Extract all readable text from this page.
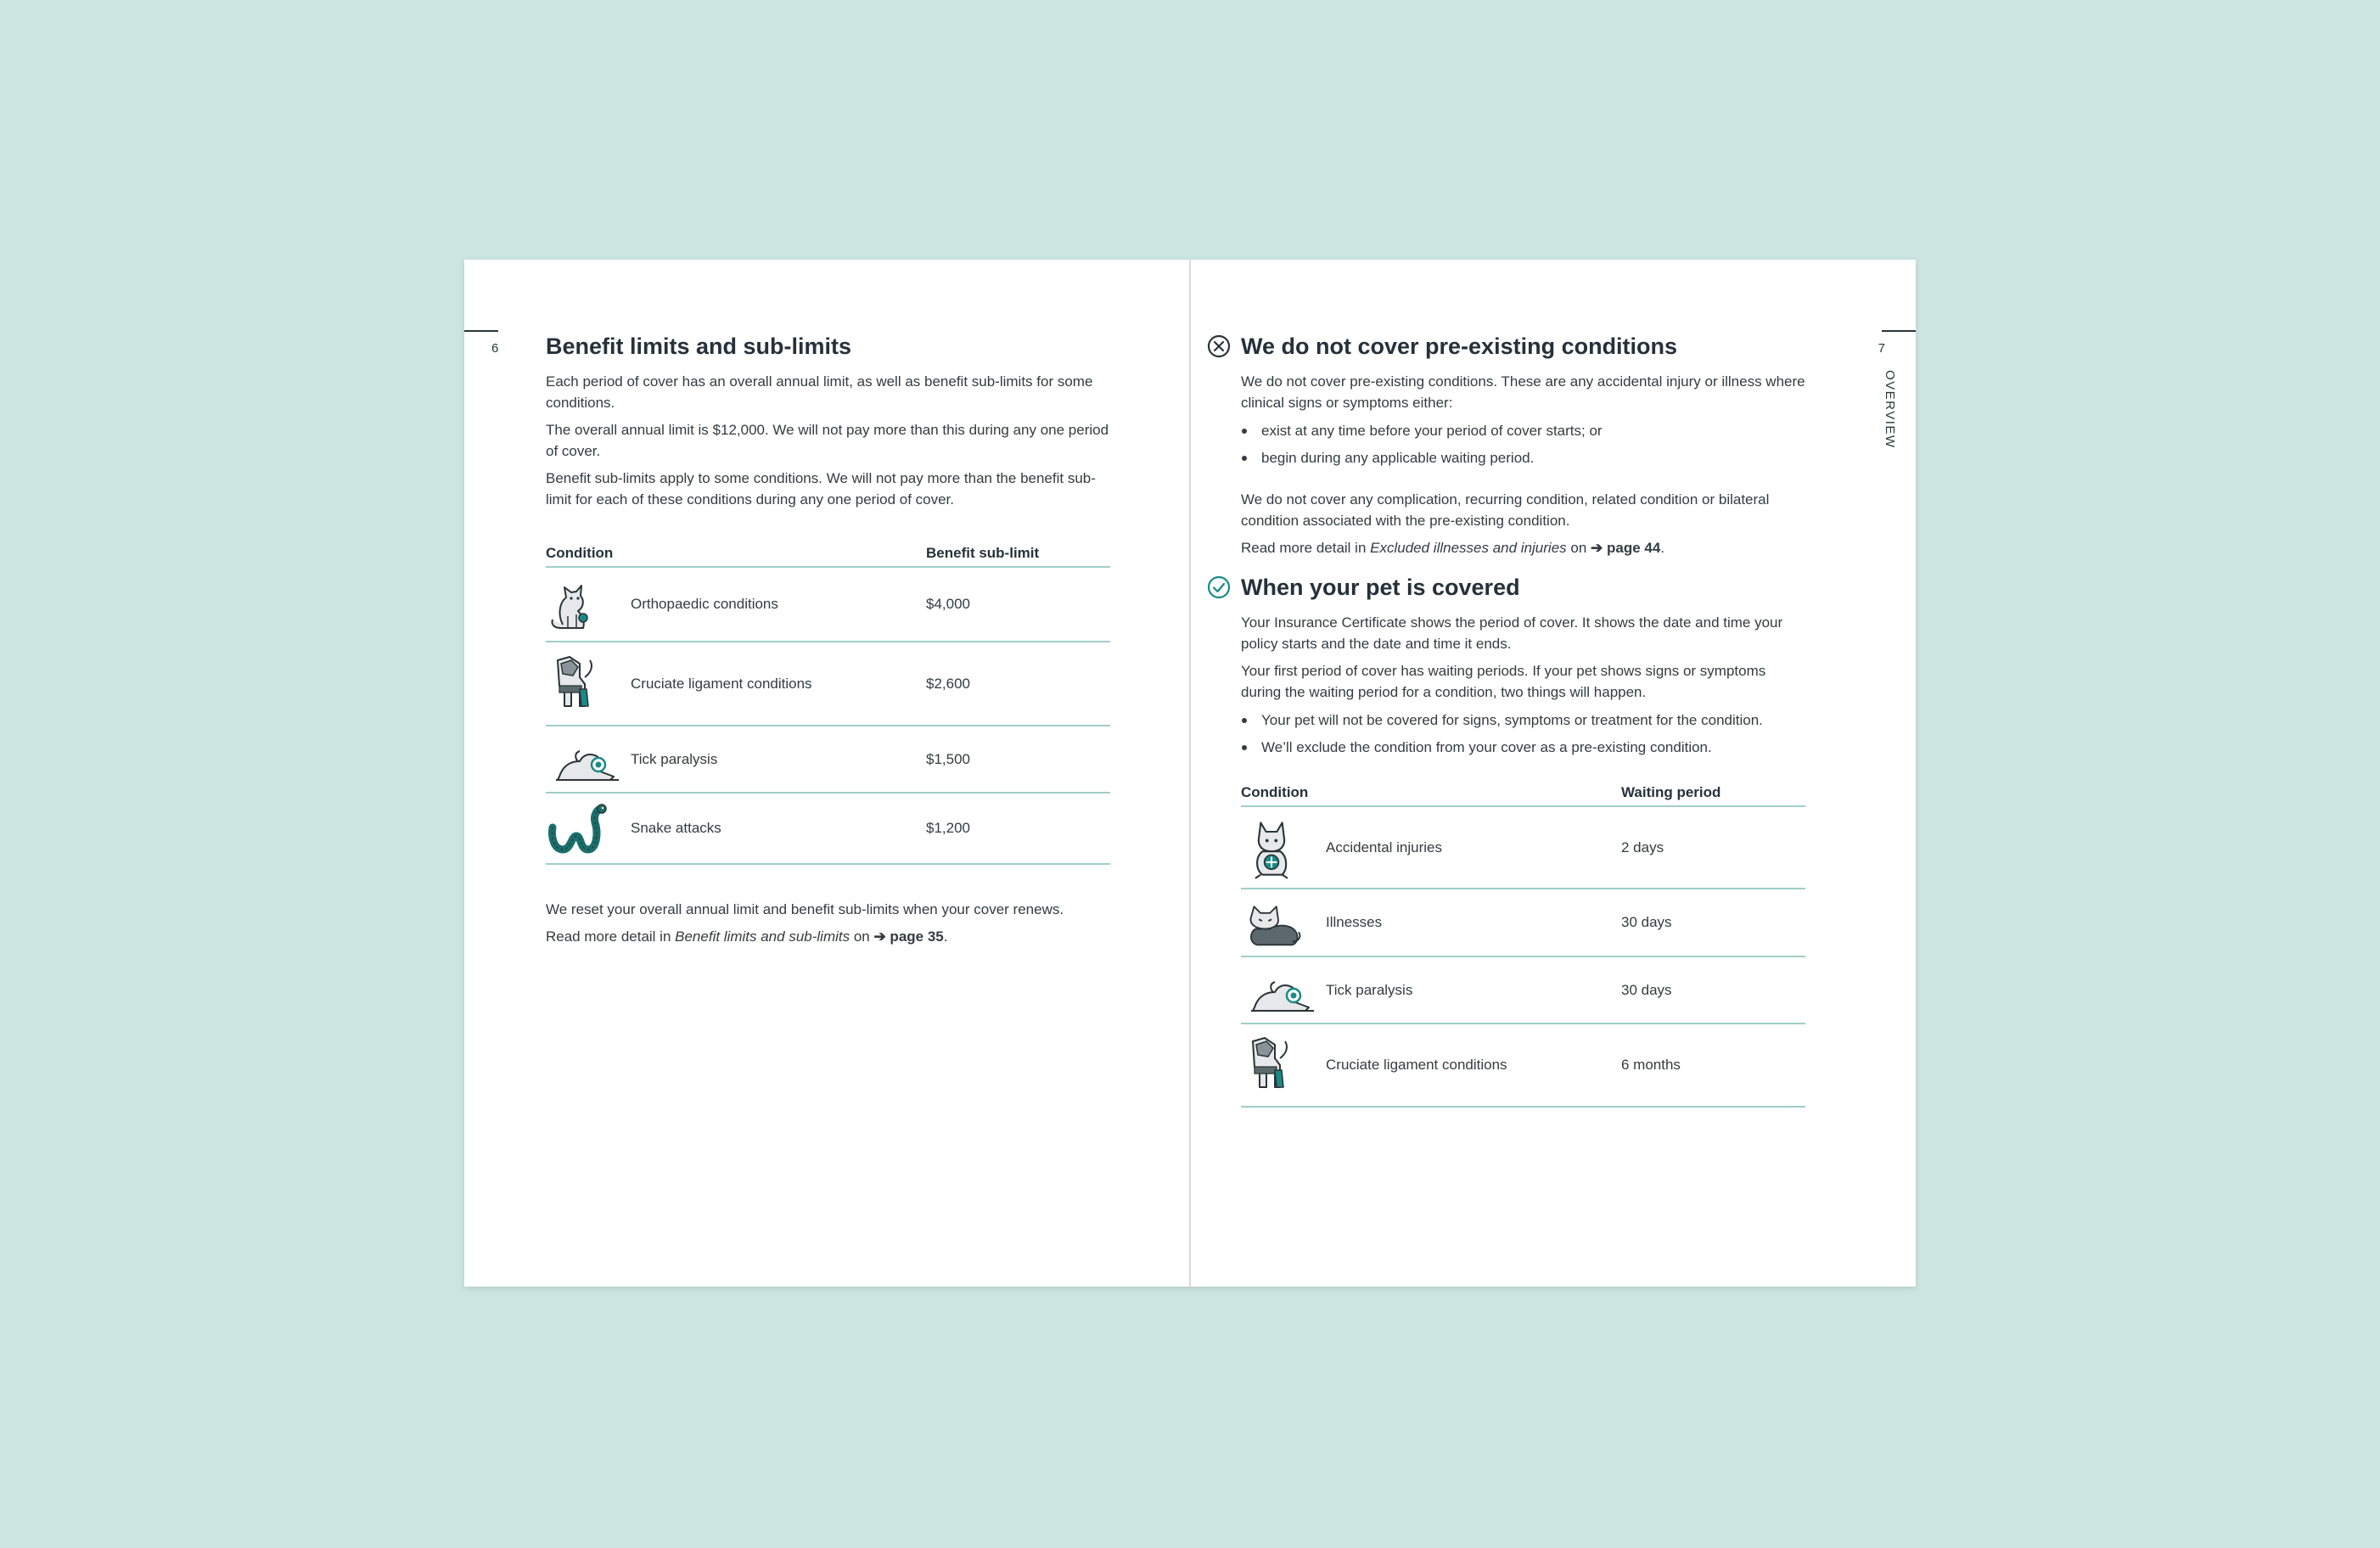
6 Benefit limits and sub-limits

Each period of cover has an overall annual limit, as well as benefit sub-limits for some conditions.

The overall annual limit is $12,000. We will not pay more than this during any one period of cover.

Benefit sub-limits apply to some conditions. We will not pay more than the benefit sub-limit for each of these conditions during any one period of cover.

Condition		Benefit sub-limit

	Orthopaedic conditions	$4,000

	Cruciate ligament conditions	$2,600

	Tick paralysis	$1,500

	Snake attacks	$1,200

We reset your overall annual limit and benefit sub-limits when your cover renews.

Read more detail in Benefit limits and sub-limits on ➔ page 35.

7
OVERVIEW
We do not cover pre-existing conditions

We do not cover pre-existing conditions. These are any accidental injury or illness where clinical signs or symptoms either:

exist at any time before your period of cover starts; or
begin during any applicable waiting period.

We do not cover any complication, recurring condition, related condition or bilateral condition associated with the pre-existing condition.

Read more detail in Excluded illnesses and injuries on ➔ page 44.

When your pet is covered

Your Insurance Certificate shows the period of cover. It shows the date and time your policy starts and the date and time it ends.

Your first period of cover has waiting periods. If your pet shows signs or symptoms during the waiting period for a condition, two things will happen.

Your pet will not be covered for signs, symptoms or treatment for the condition.
We’ll exclude the condition from your cover as a pre-existing condition.
Condition		Waiting period

	Accidental injuries	2 days

	Illnesses	30 days

	Tick paralysis	30 days

	Cruciate ligament conditions	6 months
